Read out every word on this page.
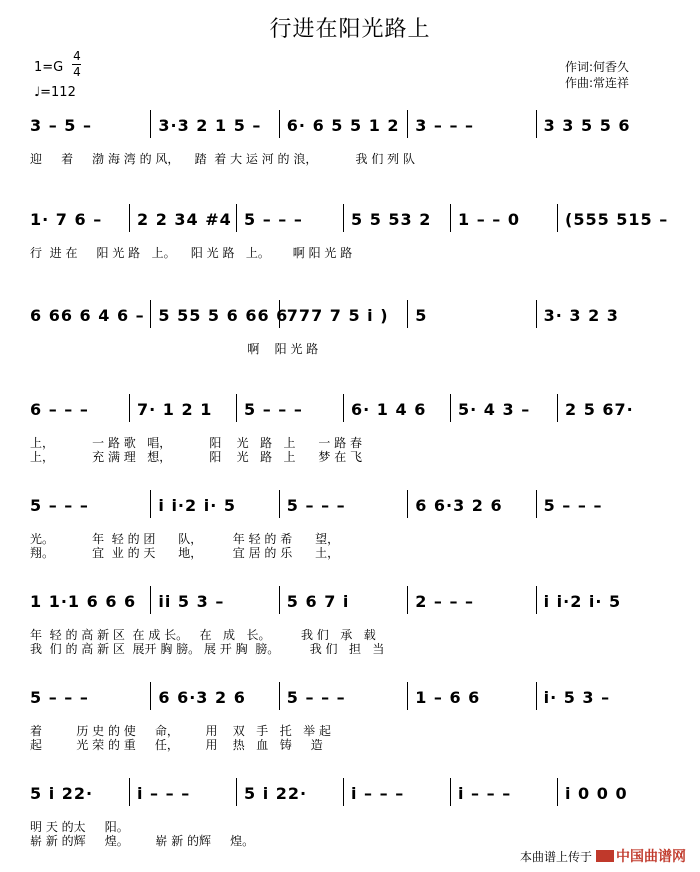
行进在阳光路上
1=G
4
4
♩=112
作词:何香久
作曲:常连祥
3 – 5 –	3·3 2 1 5 – 6· 6 5 5 1 2 3 – – –	3 3 5 5 6
迎     着     渤 海 湾 的 风，    踏  着 大 运 河 的 浪，          我 们 列 队
1· 7 6 – 2 2 34 #4 5 – – –	5 5 53 2 1 – – 0	(555 515 –
行  进 在     阳 光 路   上。    阳 光 路   上。      啊 阳 光 路
6 66 6 4 6 – 5 55 5 6 66 6
777 7 5 i ) 5	3· 3 2 3
啊    阳 光 路
6 – – –	7· 1 2 1 5 – – –	6· 1 4 6 5· 4 3 – 2 5 67·
上，          一 路 歌   唱，          阳    光   路   上      一 路 春
上，          充 满 理   想，          阳    光   路   上      梦 在 飞
5 – – –	i i·2 i· 5	5 – – –	6 6·3 2 6	5 – – –
光。          年  轻 的 团      队，        年 轻 的 希      望，
翔。          宜  业 的 天      地，        宜 居 的 乐      土，
1 1·1 6 6 6 ii 5 3 –	5 6 7 i	2 – – –	i i·2 i· 5
年  轻 的 高 新 区  在 成 长。   在   成   长。        我 们   承   载
我  们 的 高 新 区  展开 胸 膀。 展 开 胸  膀。        我 们   担   当
5 – – –	6 6·3 2 6	5 – – –	1 – 6 6	i· 5 3 –
着         历 史 的 使     命，       用    双   手   托   举 起
起         光 荣 的 重     任，       用    热   血   铸     造
5 i 22·	i – – –	5 i 22·	i – – –	i – – –	i 0 0 0
明 天 的太     阳。
崭 新 的辉     煌。       崭 新 的辉     煌。
本曲谱上传于 中国曲谱网
